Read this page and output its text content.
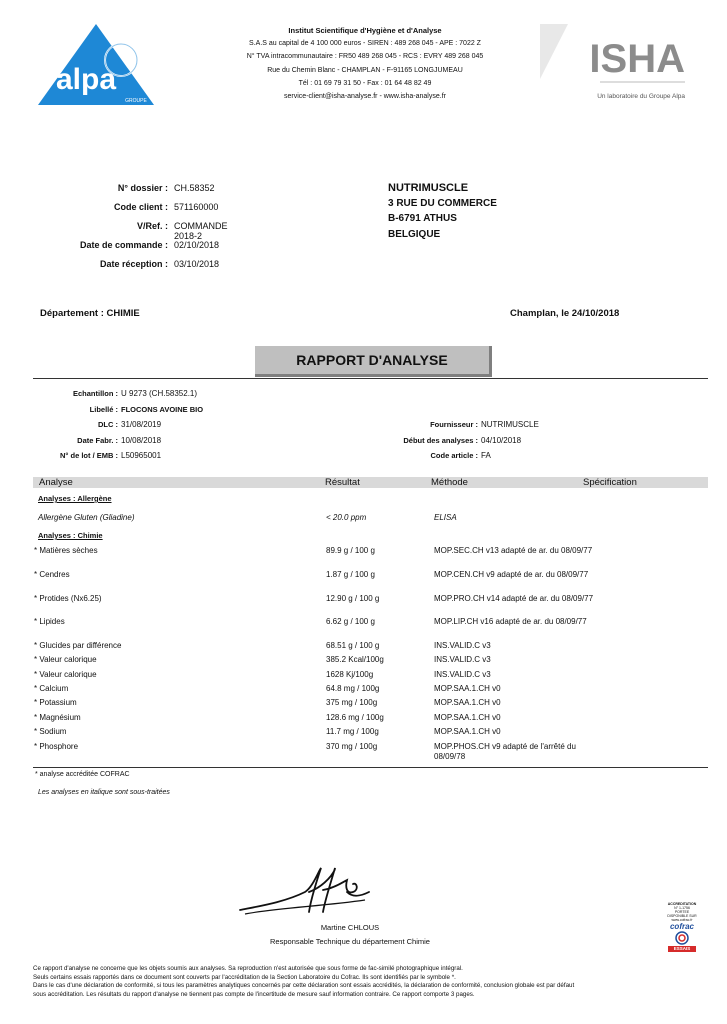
alpa
GROUPE
Institut Scientifique d'Hygiène et d'Analyse
S.A.S au capital de 4 100 000 euros - SIREN : 489 268 045 - APE : 7022 Z
N° TVA intracommunautaire : FR50 489 268 045 - RCS : EVRY 489 268 045
Rue du Chemin Blanc - CHAMPLAN - F-91165 LONGJUMEAU
Tél : 01 69 79 31 50 - Fax : 01 64 48 82 49
service-client@isha-analyse.fr - www.isha-analyse.fr
ISHA
Un laboratoire du Groupe Alpa
N° dossier : CH.58352
Code client : 571160000
V/Ref. : COMMANDE 2018-2
Date de commande : 02/10/2018
Date réception : 03/10/2018
NUTRIMUSCLE
3 RUE DU COMMERCE
B-6791 ATHUS
BELGIQUE
Département : CHIMIE	Champlan, le 24/10/2018
RAPPORT D'ANALYSE
Echantillon : U 9273 (CH.58352.1)
Libellé : FLOCONS AVOINE BIO
DLC : 31/08/2019
Date Fabr. : 10/08/2018
N° de lot / EMB : L50965001
Fournisseur : NUTRIMUSCLE
Début des analyses : 04/10/2018
Code article : FA
Analyse	Résultat	Méthode	Spécification
Analyses : Allergène
Allergène Gluten (Gliadine)	< 20.0 ppm	ELISA
Analyses : Chimie
* Matières sèches	89.9 g / 100 g	MOP.SEC.CH v13 adapté de ar. du 08/09/77
* Cendres	1.87 g / 100 g	MOP.CEN.CH v9 adapté de ar. du 08/09/77
* Protides (Nx6.25)	12.90 g / 100 g	MOP.PRO.CH v14 adapté de ar. du 08/09/77
* Lipides	6.62 g / 100 g	MOP.LIP.CH v16 adapté de ar. du 08/09/77
* Glucides par différence	68.51 g / 100 g	INS.VALID.C v3
* Valeur calorique	385.2 Kcal/100g	INS.VALID.C v3
* Valeur calorique	1628 Kj/100g	INS.VALID.C v3
* Calcium	64.8 mg / 100g	MOP.SAA.1.CH v0
* Potassium	375 mg / 100g	MOP.SAA.1.CH v0
* Magnésium	128.6 mg / 100g	MOP.SAA.1.CH v0
* Sodium	11.7 mg / 100g	MOP.SAA.1.CH v0
* Phosphore	370 mg / 100g	MOP.PHOS.CH v9 adapté de l'arrêté du 08/09/78
* analyse accréditée COFRAC
Les analyses en italique sont sous-traitées
Martine CHLOUS
Responsable Technique du département Chimie
ACCREDITATION
N° 1-1756
PORTEE
DISPONIBLE SUR
www.cofrac.fr
cofrac
ESSAIS
Ce rapport d'analyse ne concerne que les objets soumis aux analyses. Sa reproduction n'est autorisée que sous forme de fac-similé photographique intégral.
Seuls certains essais rapportés dans ce document sont couverts par l'accréditation de la Section Laboratoire du Cofrac. Ils sont identifiés par le symbole *.
Dans le cas d'une déclaration de conformité, si tous les paramètres analytiques concernés par cette déclaration sont essais accrédités, la déclaration de conformité, conclusion globale est par défaut
sous accréditation. Les résultats du rapport d'analyse ne tiennent pas compte de l'incertitude de mesure sauf information contraire. Ce rapport comporte 3 pages.
